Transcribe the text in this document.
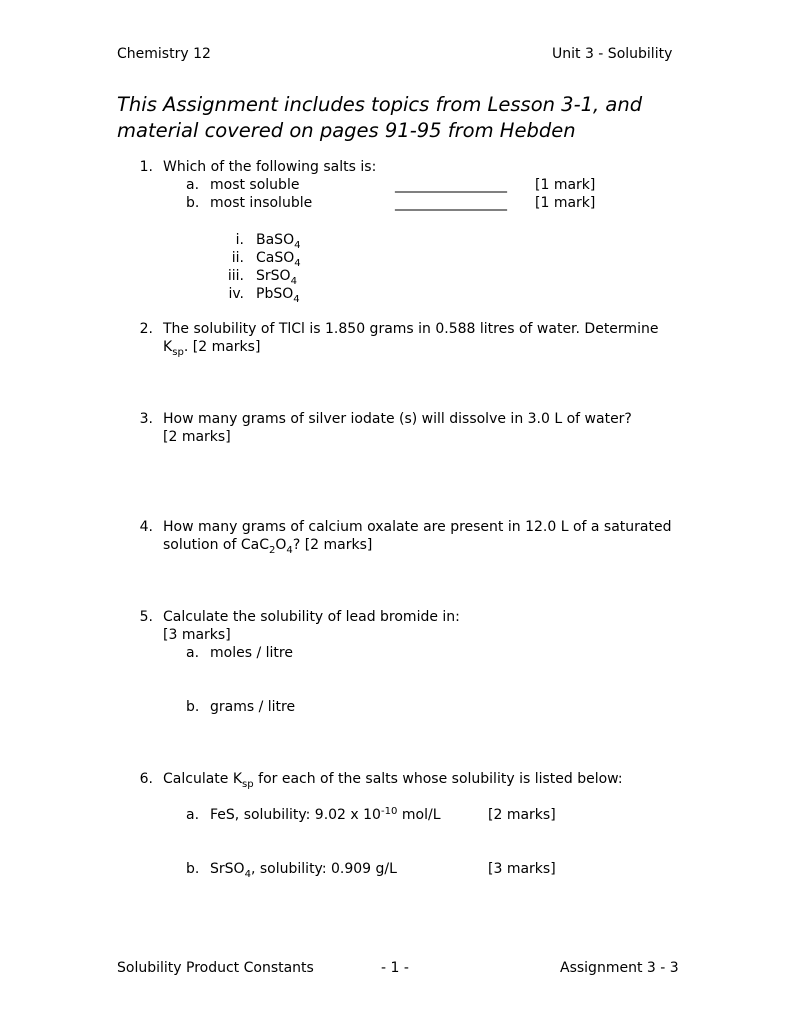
Chemistry 12	Unit 3 - Solubility
This Assignment includes topics from Lesson 3-1, and
material covered on pages 91-95 from Hebden
1. Which of the following salts is:
a. most soluble	________________ [1 mark]
b. most insoluble	________________ [1 mark]
i. BaSO$_4$
ii. CaSO$_4$
iii. SrSO$_4$
iv. PbSO$_4$
2. The solubility of TlCl is 1.850 grams in 0.588 litres of water. Determine
$K_{sp}$. [2 marks]
3. How many grams of silver iodate (s) will dissolve in 3.0 L of water?
[2 marks]
4. How many grams of calcium oxalate are present in 12.0 L of a saturated
solution of $CaC_2O_4$? [2 marks]
5. Calculate the solubility of lead bromide in:
[3 marks]
a. moles / litre
b. grams / litre
6. Calculate $K_{sp}$ for each of the salts whose solubility is listed below:
a. FeS, solubility: 9.02 x $10^{-10}$ mol/L	[2 marks]
b. SrSO$_4$, solubility: 0.909 g/L	[3 marks]
Solubility Product Constants	- 1 -	Assignment 3 - 3
